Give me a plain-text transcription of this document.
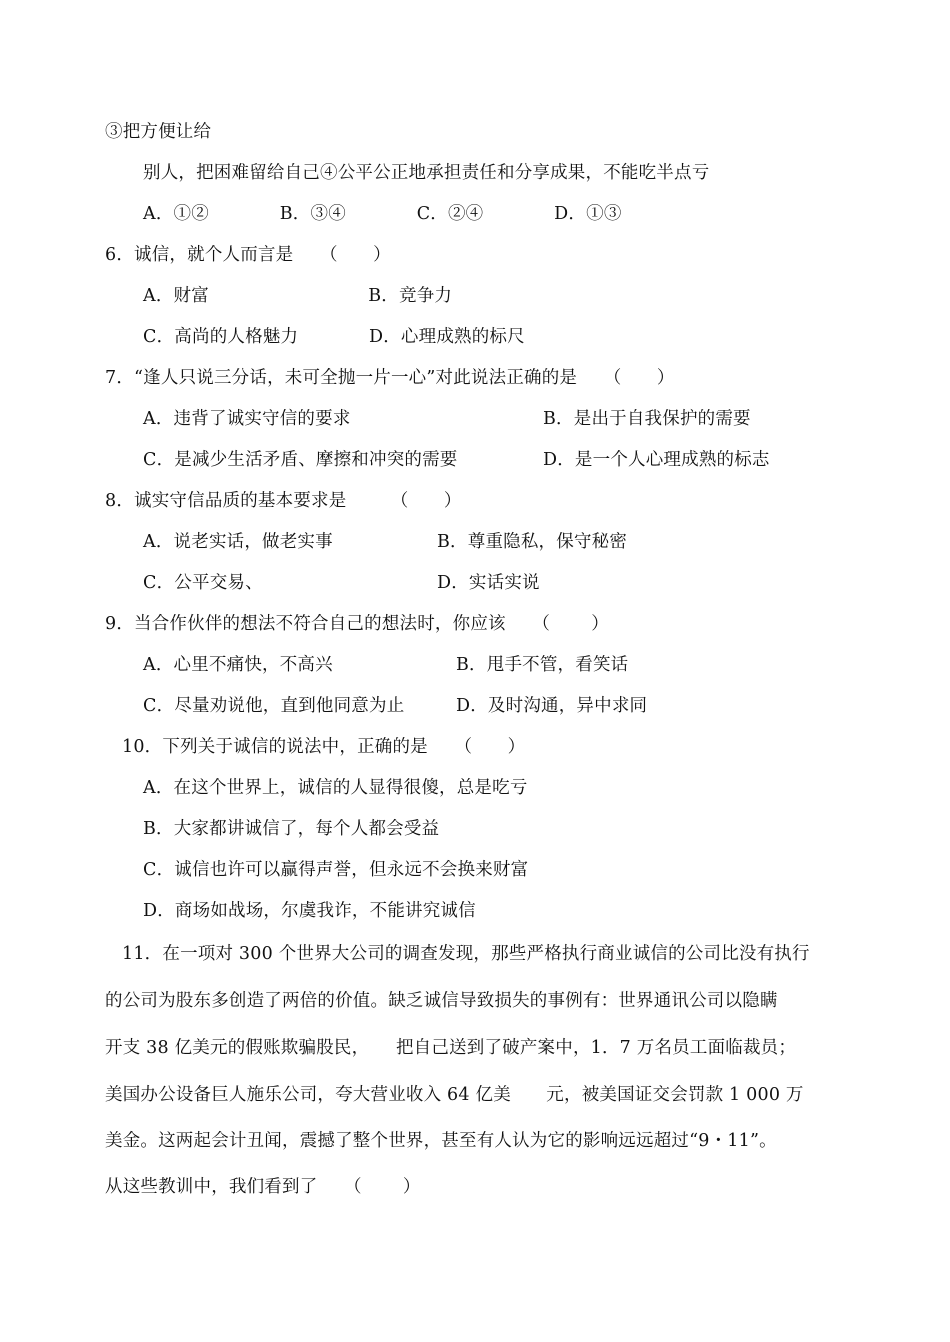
③把方便让给
别人，把困难留给自己④公平公正地承担责任和分享成果，不能吃半点亏
A．①②　　　　B．③④　　　　C．②④　　　　D．①③
6．诚信，就个人而言是　　（　　）
A．财富　　　　　　　　　B．竞争力
C．高尚的人格魅力　　　　D．心理成熟的标尺
7．“逢人只说三分话，未可全抛一片一心”对此说法正确的是　　（　　）
A．违背了诚实守信的要求	B．是出于自我保护的需要
C．是减少生活矛盾、摩擦和冲突的需要	D．是一个人心理成熟的标志
8．诚实守信品质的基本要求是　　　（　　）
A．说老实话，做老实事	B．尊重隐私，保守秘密
C．公平交易、	D．实话实说
9．当合作伙伴的想法不符合自己的想法时，你应该　　（　　 ）
A．心里不痛快，不高兴	B．甩手不管，看笑话
C．尽量劝说他，直到他同意为止	D．及时沟通，异中求同
10．下列关于诚信的说法中，正确的是　　（　　）
A．在这个世界上，诚信的人显得很傻，总是吃亏
B．大家都讲诚信了，每个人都会受益
C．诚信也许可以赢得声誉，但永远不会换来财富
D．商场如战场，尔虞我诈，不能讲究诚信
11．在一项对 300 个世界大公司的调查发现，那些严格执行商业诚信的公司比没有执行
的公司为股东多创造了两倍的价值。缺乏诚信导致损失的事例有：世界通讯公司以隐瞒
开支 38 亿美元的假账欺骗股民，　　把自己送到了破产案中，1．7 万名员工面临裁员；
美国办公设备巨人施乐公司，夸大营业收入 64 亿美　　元，被美国证交会罚款 1 000 万
美金。这两起会计丑闻，震撼了整个世界，甚至有人认为它的影响远远超过“9・11”。
从这些教训中，我们看到了　　（　　 ）
